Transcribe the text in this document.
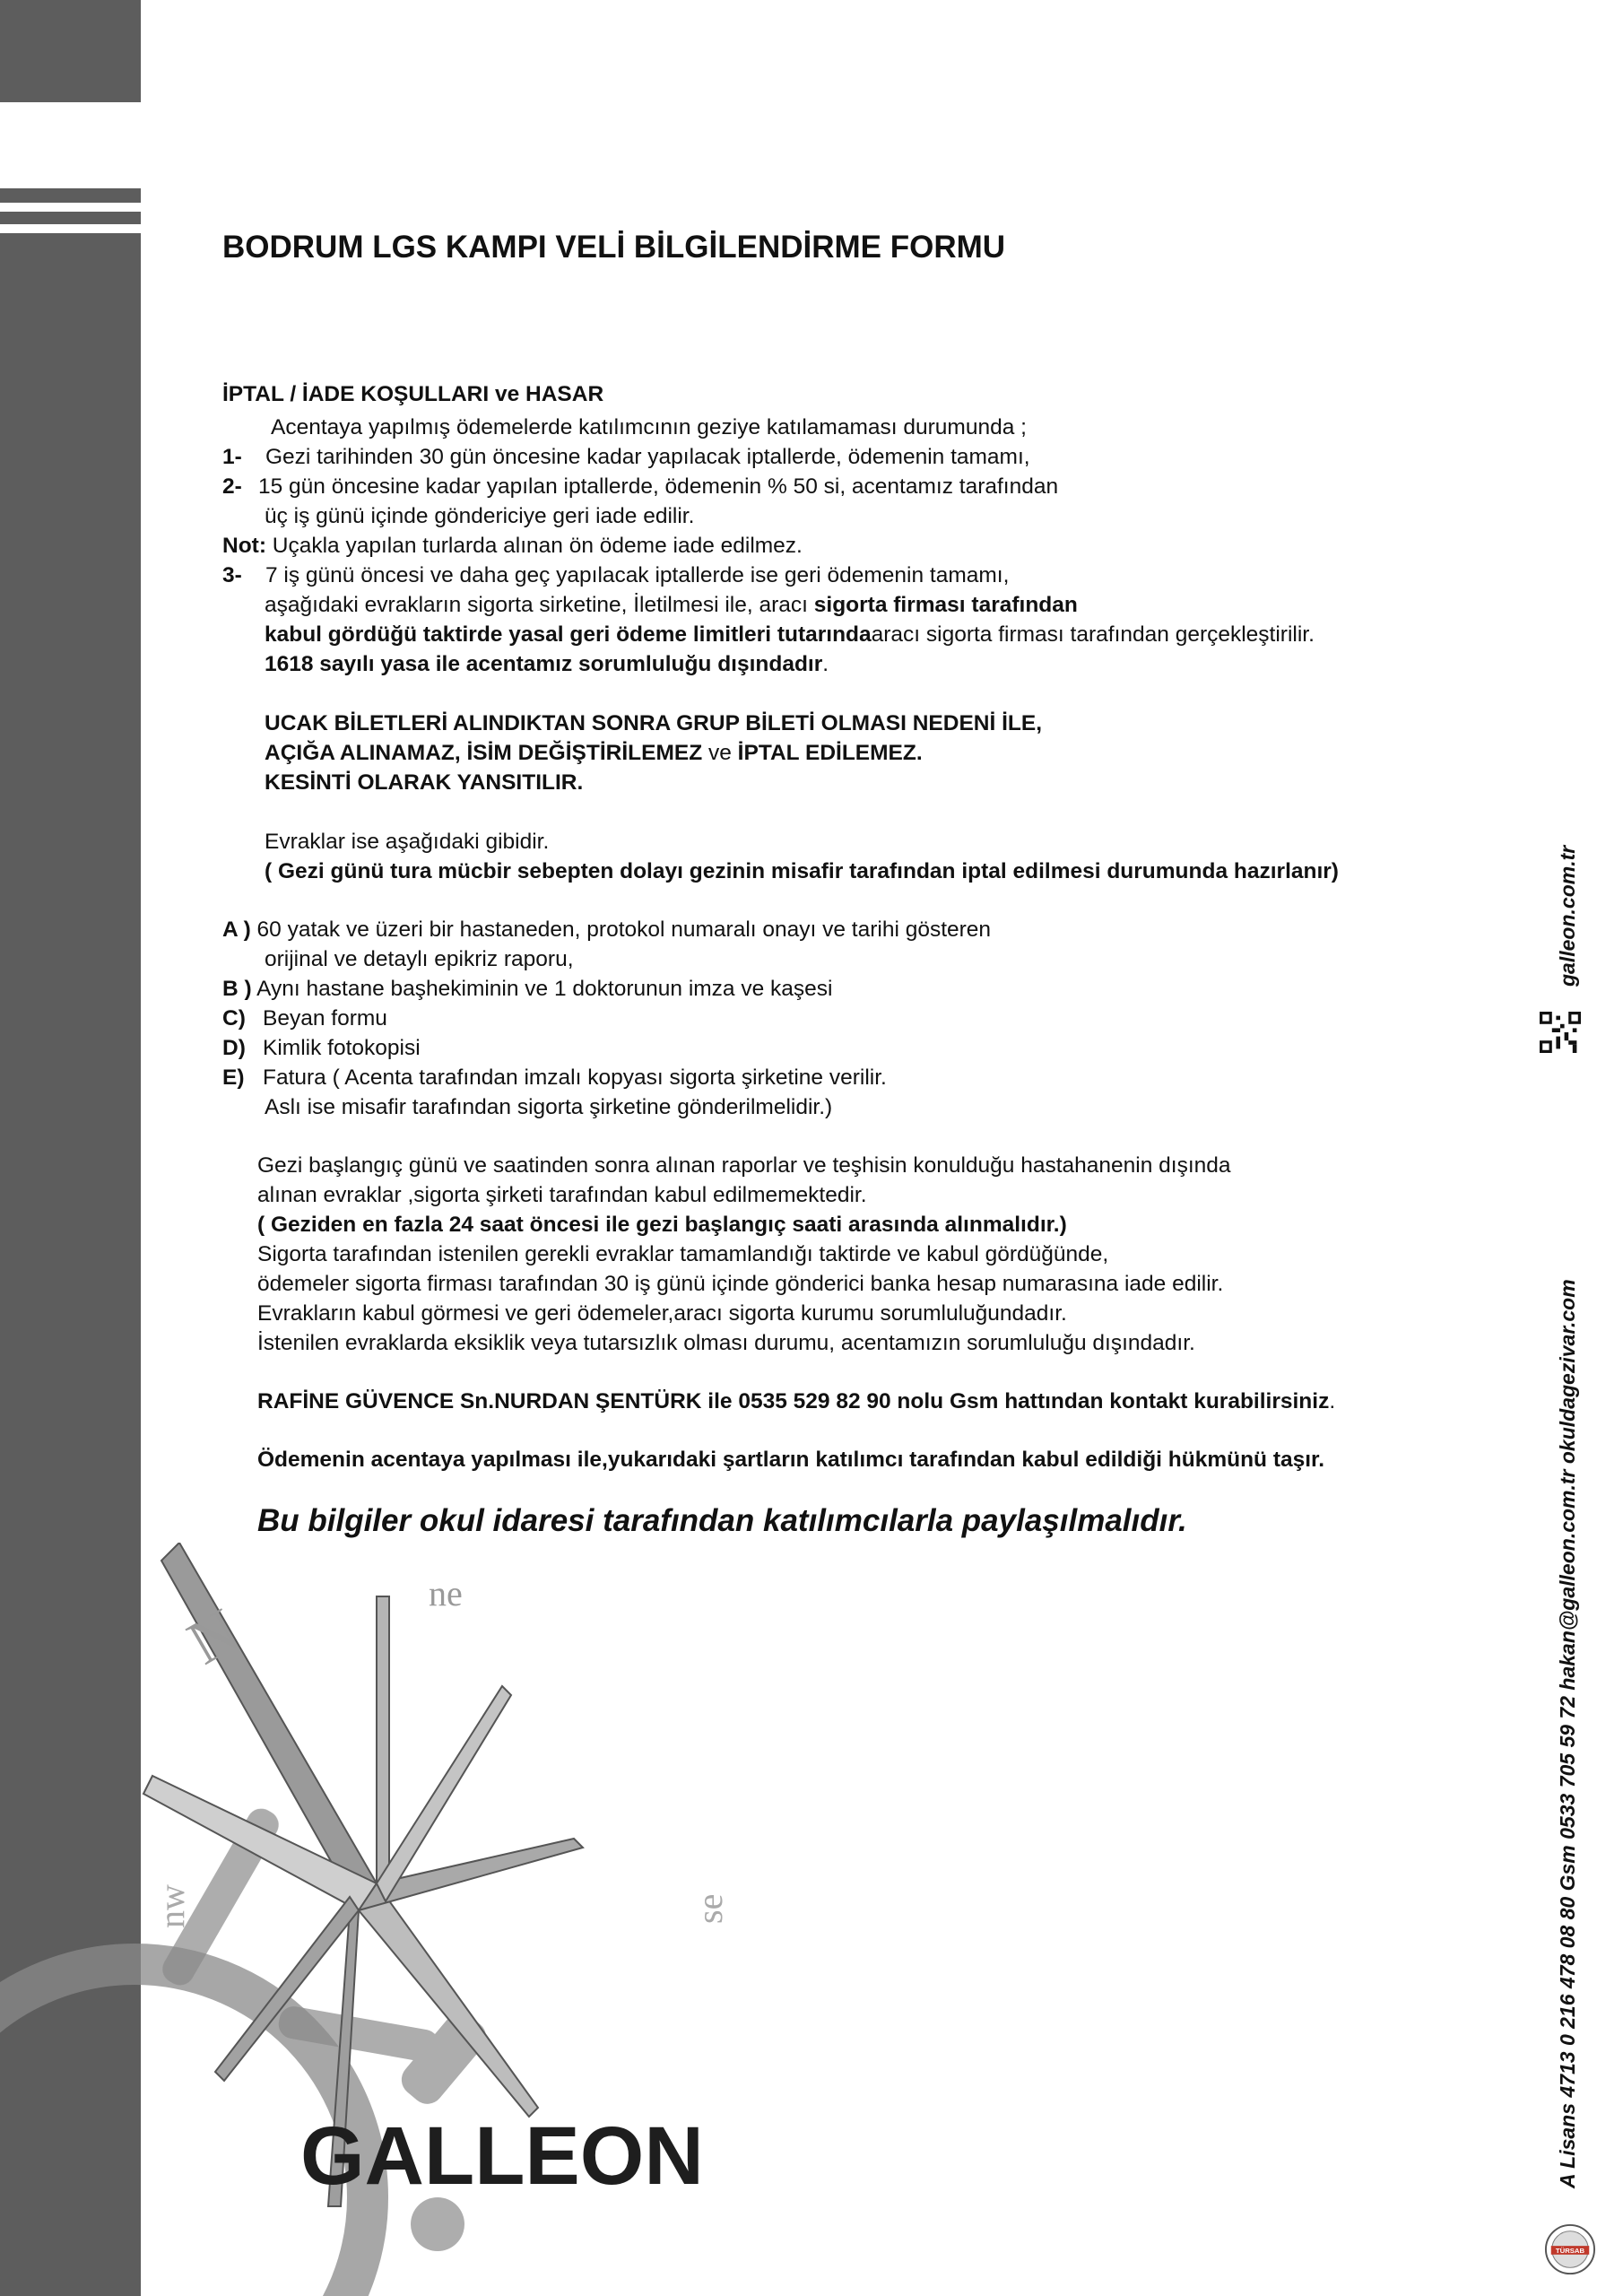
N
ne
nw	se
GALLEON
BODRUM LGS KAMPI VELİ BİLGİLENDİRME FORMU
İPTAL / İADE KOŞULLARI ve HASAR
Acentaya yapılmış ödemelerde katılımcının geziye katılamaması durumunda ;
1- Gezi tarihinden 30 gün öncesine kadar yapılacak iptallerde, ödemenin tamamı,
2- 15 gün öncesine kadar yapılan iptallerde, ödemenin % 50 si, acentamız tarafından
üç iş günü içinde göndericiye geri iade edilir.
Not: Uçakla yapılan turlarda alınan ön ödeme iade edilmez.
3- 7 iş günü öncesi ve daha geç yapılacak iptallerde ise geri ödemenin tamamı,
aşağıdaki evrakların sigorta sirketine, İletilmesi ile, aracı sigorta firması tarafından
kabul gördüğü taktirde yasal geri ödeme limitleri tutarındaaracı sigorta firması tarafından gerçekleştirilir.
1618 sayılı yasa ile acentamız sorumluluğu dışındadır.
UCAK BİLETLERİ ALINDIKTAN SONRA GRUP BİLETİ OLMASI NEDENİ İLE,
AÇIĞA ALINAMAZ, İSİM DEĞİŞTİRİLEMEZ ve İPTAL EDİLEMEZ.
KESİNTİ OLARAK YANSITILIR.
Evraklar ise aşağıdaki gibidir.
( Gezi günü tura mücbir sebepten dolayı gezinin misafir tarafından iptal edilmesi durumunda hazırlanır)
A ) 60 yatak ve üzeri bir hastaneden, protokol numaralı onayı ve tarihi gösteren
orijinal ve detaylı epikriz raporu,
B ) Aynı hastane başhekiminin ve 1 doktorunun imza ve kaşesi
C) Beyan formu
D) Kimlik fotokopisi
E) Fatura ( Acenta tarafından imzalı kopyası sigorta şirketine verilir.
Aslı ise misafir tarafından sigorta şirketine gönderilmelidir.)
Gezi başlangıç günü ve saatinden sonra alınan raporlar ve teşhisin konulduğu hastahanenin dışında
alınan evraklar ,sigorta şirketi tarafından kabul edilmemektedir.
( Geziden en fazla 24 saat öncesi ile gezi başlangıç saati arasında alınmalıdır.)
Sigorta tarafından istenilen gerekli evraklar tamamlandığı taktirde ve kabul gördüğünde,
ödemeler sigorta firması tarafından 30 iş günü içinde gönderici banka hesap numarasına iade edilir.
Evrakların kabul görmesi ve geri ödemeler,aracı sigorta kurumu sorumluluğundadır.
İstenilen evraklarda eksiklik veya tutarsızlık olması durumu, acentamızın sorumluluğu dışındadır.
RAFİNE GÜVENCE Sn.NURDAN ŞENTÜRK ile 0535 529 82 90 nolu Gsm hattından kontakt kurabilirsiniz.
Ödemenin acentaya yapılması ile,yukarıdaki şartların katılımcı tarafından kabul edildiği hükmünü taşır.
Bu bilgiler okul idaresi tarafından katılımcılarla paylaşılmalıdır.	A Lisans 4713 0 216 478 08 80 Gsm 0533 705 59 72 hakan@galleon.com.tr okuldagezivar.com
galleon.com.tr
TÜRSAB
